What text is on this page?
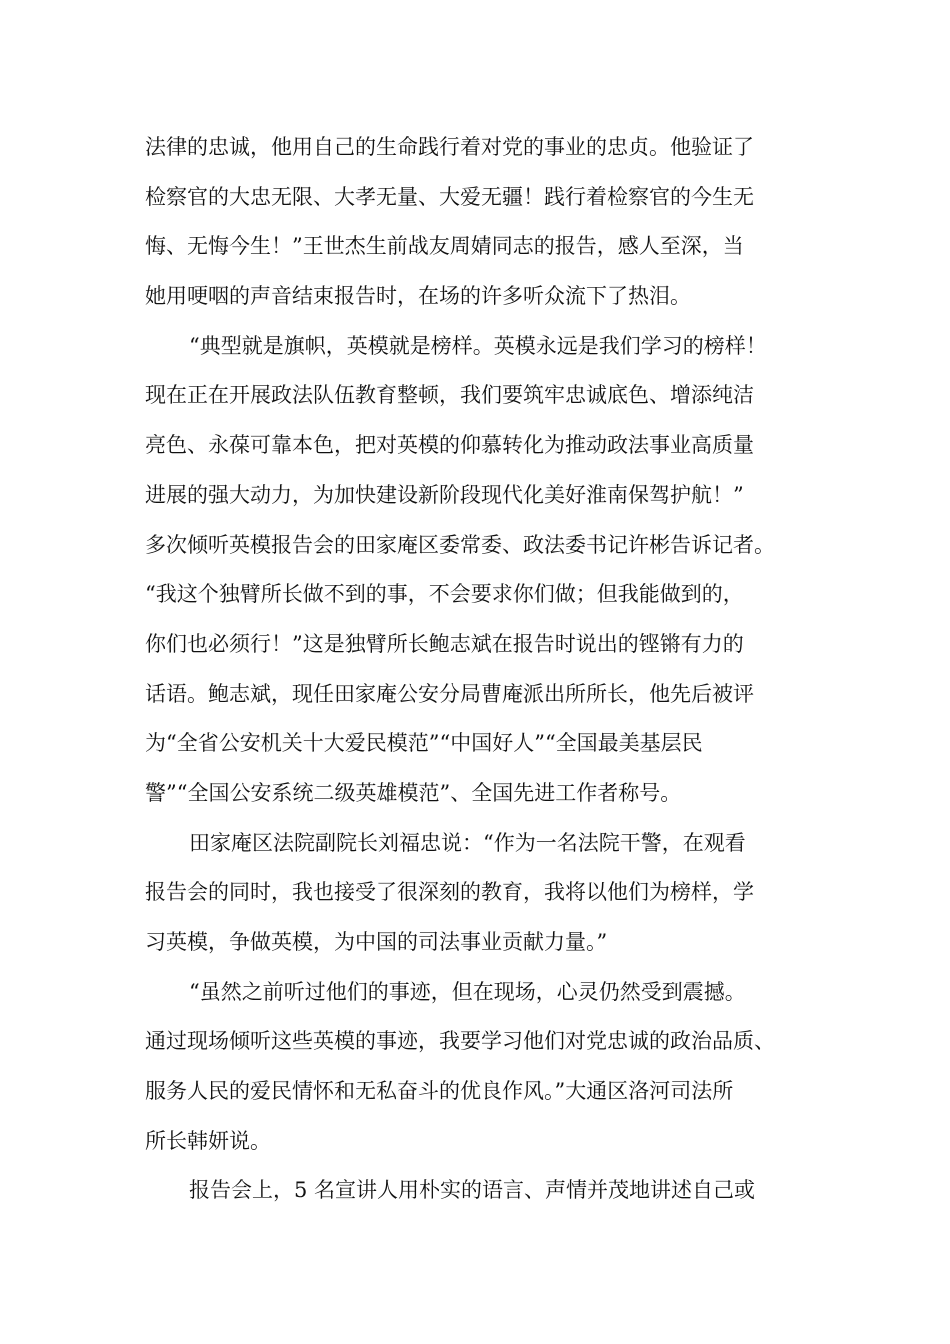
法律的忠诚，他用自己的生命践行着对党的事业的忠贞。他验证了
检察官的大忠无限、大孝无量、大爱无疆！践行着检察官的今生无
悔、无悔今生！”王世杰生前战友周婧同志的报告，感人至深，当
她用哽咽的声音结束报告时，在场的许多听众流下了热泪。
“典型就是旗帜，英模就是榜样。英模永远是我们学习的榜样！
现在正在开展政法队伍教育整顿，我们要筑牢忠诚底色、增添纯洁
亮色、永葆可靠本色，把对英模的仰慕转化为推动政法事业高质量
进展的强大动力，为加快建设新阶段现代化美好淮南保驾护航！”
多次倾听英模报告会的田家庵区委常委、政法委书记许彬告诉记者。
“我这个独臂所长做不到的事，不会要求你们做；但我能做到的，
你们也必须行！”这是独臂所长鲍志斌在报告时说出的铿锵有力的
话语。鲍志斌，现任田家庵公安分局曹庵派出所所长，他先后被评
为“全省公安机关十大爱民模范”“中国好人”“全国最美基层民
警”“全国公安系统二级英雄模范”、全国先进工作者称号。
田家庵区法院副院长刘福忠说：“作为一名法院干警，在观看
报告会的同时，我也接受了很深刻的教育，我将以他们为榜样，学
习英模，争做英模，为中国的司法事业贡献力量。”
“虽然之前听过他们的事迹，但在现场，心灵仍然受到震撼。
通过现场倾听这些英模的事迹，我要学习他们对党忠诚的政治品质、
服务人民的爱民情怀和无私奋斗的优良作风。”大通区洛河司法所
所长韩妍说。
报告会上，5 名宣讲人用朴实的语言、声情并茂地讲述自己或
